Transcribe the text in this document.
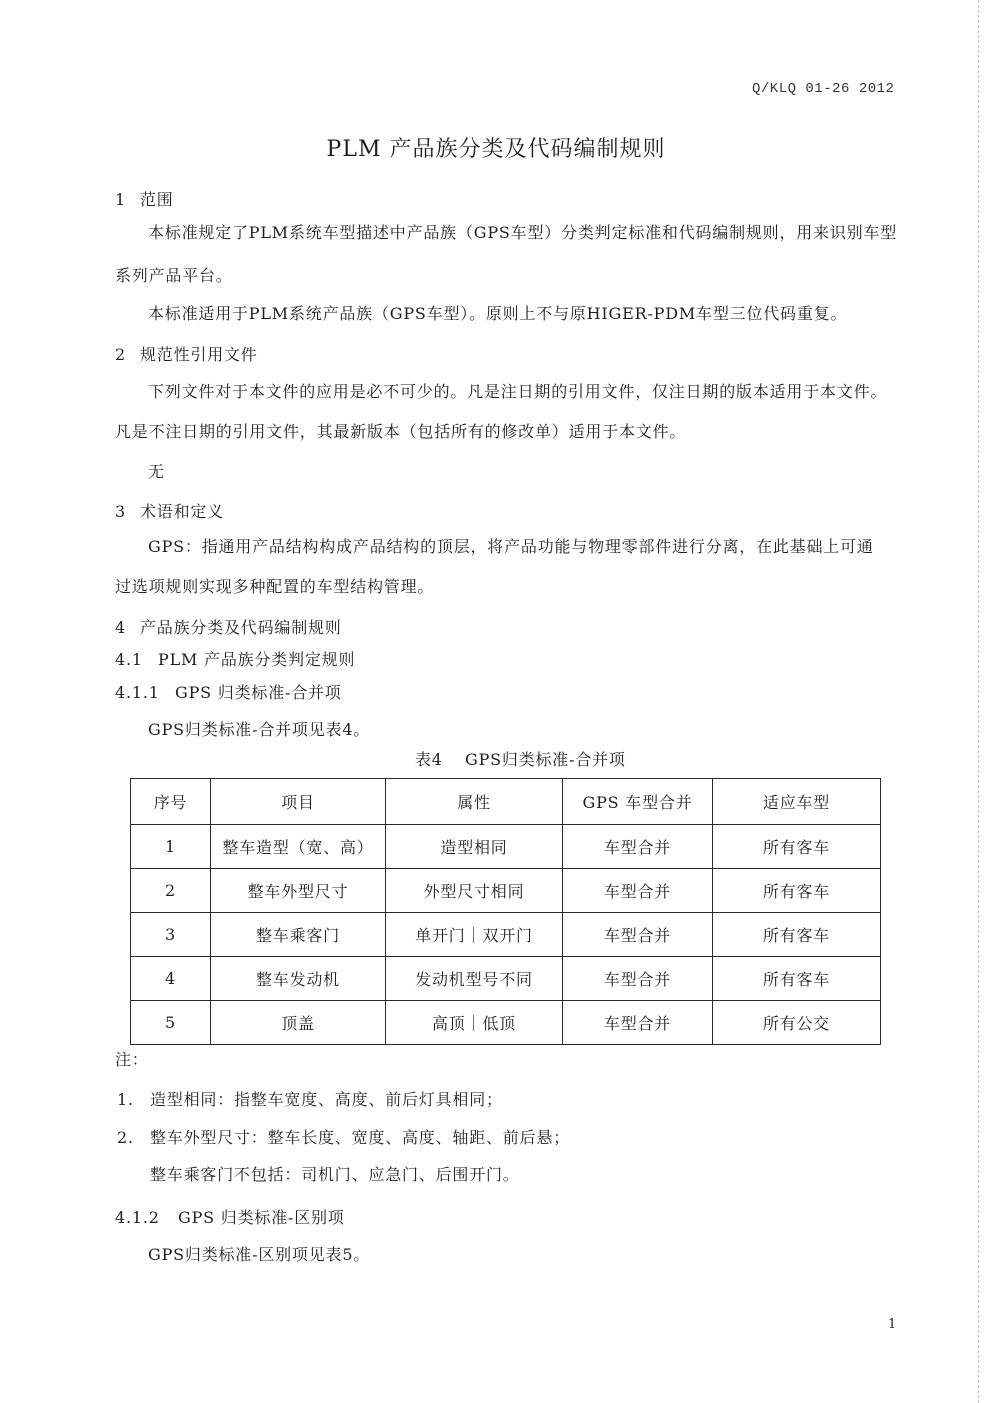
Q/KLQ 01-26 2012
PLM 产品族分类及代码编制规则
1 范围
本标准规定了PLM系统车型描述中产品族（GPS车型）分类判定标准和代码编制规则，用来识别车型
系列产品平台。
本标准适用于PLM系统产品族（GPS车型）。原则上不与原HIGER-PDM车型三位代码重复。
2 规范性引用文件
下列文件对于本文件的应用是必不可少的。凡是注日期的引用文件，仅注日期的版本适用于本文件。
凡是不注日期的引用文件，其最新版本（包括所有的修改单）适用于本文件。
无
3 术语和定义
GPS：指通用产品结构构成产品结构的顶层，将产品功能与物理零部件进行分离，在此基础上可通
过选项规则实现多种配置的车型结构管理。
4 产品族分类及代码编制规则
4.1 PLM 产品族分类判定规则
4.1.1 GPS 归类标准-合并项
GPS归类标准-合并项见表4。
表4 GPS归类标准-合并项
序号	项目	属性	GPS 车型合并	适应车型
1	整车造型（宽、高）	造型相同	车型合并	所有客车
2	整车外型尺寸	外型尺寸相同	车型合并	所有客车
3	整车乘客门	单开门｜双开门	车型合并	所有客车
4	整车发动机	发动机型号不同	车型合并	所有客车
5	顶盖	高顶｜低顶	车型合并	所有公交
注：
1. 造型相同：指整车宽度、高度、前后灯具相同；
2. 整车外型尺寸：整车长度、宽度、高度、轴距、前后悬；
整车乘客门不包括：司机门、应急门、后围开门。
4.1.2 GPS 归类标准-区别项
GPS归类标准-区别项见表5。
1
